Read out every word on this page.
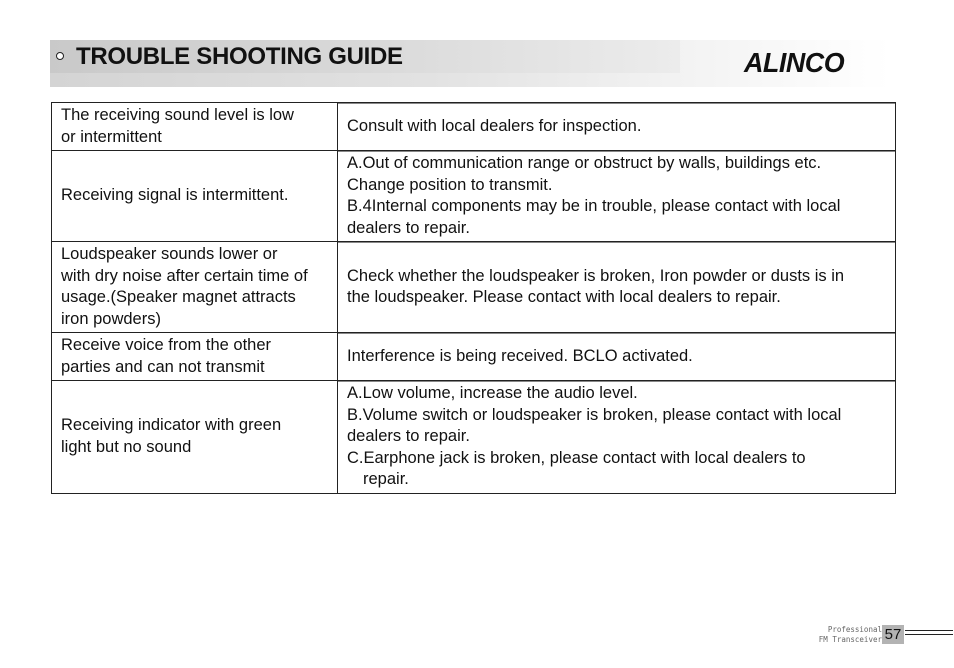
TROUBLE SHOOTING GUIDE	ALINCO
The receiving sound level is low
or intermittent	Consult with local dealers for inspection.

Receiving signal is intermittent.	A.Out of communication range or obstruct by walls, buildings etc.
Change position to transmit.
B.4Internal components may be in trouble, please contact with local
dealers to repair.

Loudspeaker sounds lower or
with dry noise after certain time of
usage.(Speaker magnet attracts
iron powders)	Check whether the loudspeaker is broken, Iron powder or dusts is in
the loudspeaker. Please contact with local dealers to repair.

Receive voice from the other
parties and can not transmit	Interference is being received. BCLO activated.

Receiving indicator with green
light but no sound	A.Low volume, increase the audio level.
B.Volume switch or loudspeaker is broken, please contact with local
dealers to repair.
C.Earphone jack is broken, please contact with local dealers to
repair.
Professional
FM Transceiver 57
